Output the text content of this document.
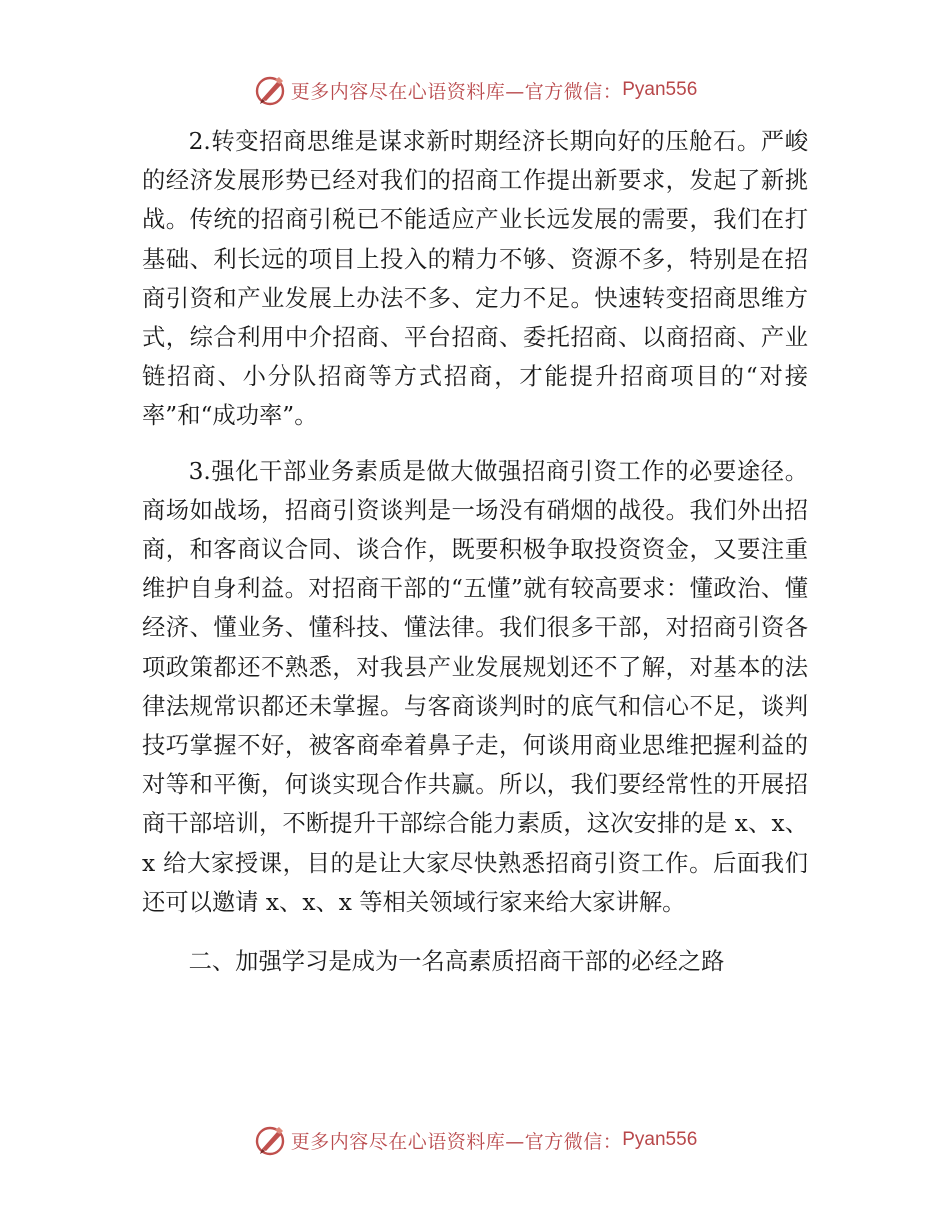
更多内容尽在心语资料库—官方微信： Pyan556

2.转变招商思维是谋求新时期经济长期向好的压舱石。严峻的经济发展形势已经对我们的招商工作提出新要求，发起了新挑战。传统的招商引税已不能适应产业长远发展的需要，我们在打基础、利长远的项目上投入的精力不够、资源不多，特别是在招商引资和产业发展上办法不多、定力不足。快速转变招商思维方式，综合利用中介招商、平台招商、委托招商、以商招商、产业链招商、小分队招商等方式招商，才能提升招商项目的“对接率”和“成功率”。

3.强化干部业务素质是做大做强招商引资工作的必要途径。商场如战场，招商引资谈判是一场没有硝烟的战役。我们外出招商，和客商议合同、谈合作，既要积极争取投资资金，又要注重维护自身利益。对招商干部的“五懂”就有较高要求：懂政治、懂经济、懂业务、懂科技、懂法律。我们很多干部，对招商引资各项政策都还不熟悉，对我县产业发展规划还不了解，对基本的法律法规常识都还未掌握。与客商谈判时的底气和信心不足，谈判技巧掌握不好，被客商牵着鼻子走，何谈用商业思维把握利益的对等和平衡，何谈实现合作共赢。所以，我们要经常性的开展招商干部培训，不断提升干部综合能力素质，这次安排的是 x、x、x 给大家授课，目的是让大家尽快熟悉招商引资工作。后面我们还可以邀请 x、x、x 等相关领域行家来给大家讲解。

二、加强学习是成为一名高素质招商干部的必经之路

更多内容尽在心语资料库—官方微信： Pyan556
